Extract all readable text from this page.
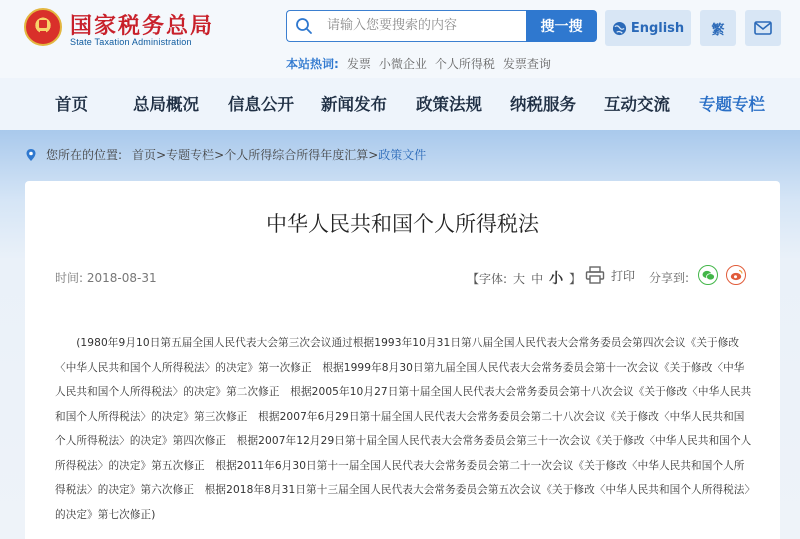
国家税务总局
State Taxation Administration
请输入您要搜索的内容
搜一搜
本站热词: 发票 小微企业 个人所得税 发票查询
English	繁
首页	总局概况 信息公开 新闻发布 政策法规 纳税服务 互动交流 专题专栏
您所在的位置: 首页 > 专题专栏 > 个人所得综合所得年度汇算 > 政策文件
中华人民共和国个人所得税法
时间: 2018-08-31	【字体: 大 中 小 】 打印 分享到:
(1980年9月10日第五届全国人民代表大会第三次会议通过根据1993年10月31日第八届全国人民代表大会常务委员会第四次会议《关于修改〈中华人民共和国个人所得税法〉的决定》第一次修正　根据1999年8月30日第九届全国人民代表大会常务委员会第十一次会议《关于修改〈中华人民共和国个人所得税法〉的决定》第二次修正　根据2005年10月27日第十届全国人民代表大会常务委员会第十八次会议《关于修改〈中华人民共和国个人所得税法〉的决定》第三次修正　根据2007年6月29日第十届全国人民代表大会常务委员会第二十八次会议《关于修改〈中华人民共和国个人所得税法〉的决定》第四次修正　根据2007年12月29日第十届全国人民代表大会常务委员会第三十一次会议《关于修改〈中华人民共和国个人所得税法〉的决定》第五次修正　根据2011年6月30日第十一届全国人民代表大会常务委员会第二十一次会议《关于修改〈中华人民共和国个人所得税法〉的决定》第六次修正　根据2018年8月31日第十三届全国人民代表大会常务委员会第五次会议《关于修改〈中华人民共和国个人所得税法〉的决定》第七次修正)
